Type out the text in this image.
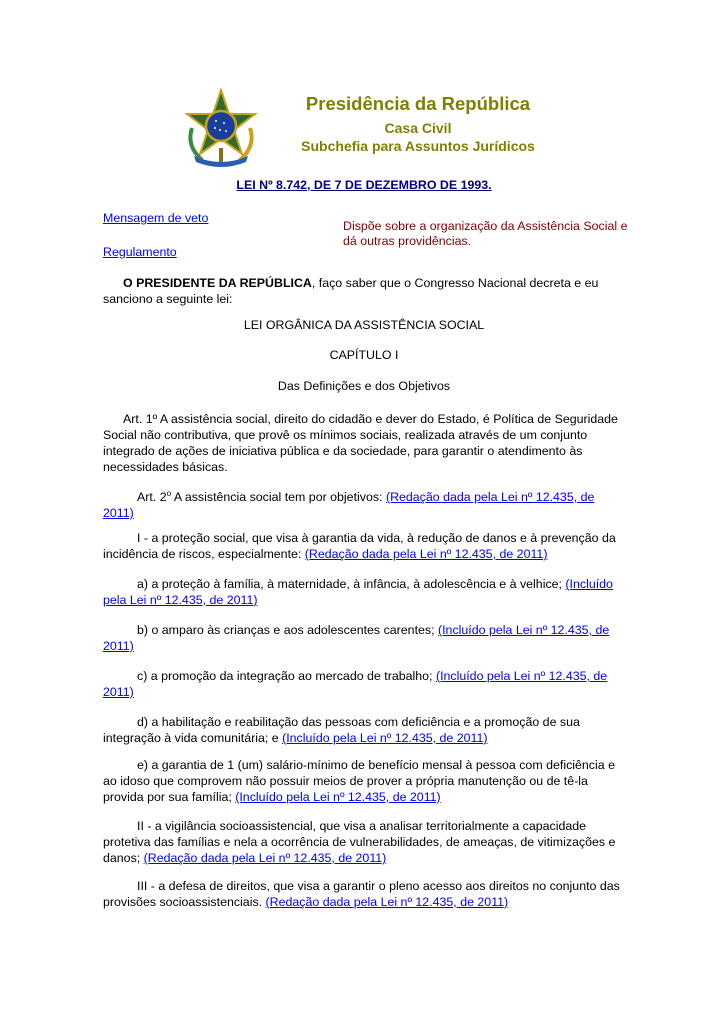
Presidência da República
Casa Civil
Subchefia para Assuntos Jurídicos
LEI Nº 8.742, DE 7 DE DEZEMBRO DE 1993.
Mensagem de veto
Regulamento
Dispõe sobre a organização da Assistência Social e dá outras providências.
O PRESIDENTE DA REPÚBLICA, faço saber que o Congresso Nacional decreta e eu sanciono a seguinte lei:
LEI ORGÂNICA DA ASSISTÊNCIA SOCIAL
CAPÍTULO I
Das Definições e dos Objetivos
Art. 1º A assistência social, direito do cidadão e dever do Estado, é Política de Seguridade Social não contributiva, que provê os mínimos sociais, realizada através de um conjunto integrado de ações de iniciativa pública e da sociedade, para garantir o atendimento às necessidades básicas.
Art. 2$^o$ A assistência social tem por objetivos: (Redação dada pela Lei nº 12.435, de 2011)
I - a proteção social, que visa à garantia da vida, à redução de danos e à prevenção da incidência de riscos, especialmente: (Redação dada pela Lei nº 12.435, de 2011)
a) a proteção à família, à maternidade, à infância, à adolescência e à velhice; (Incluído pela Lei nº 12.435, de 2011)
b) o amparo às crianças e aos adolescentes carentes; (Incluído pela Lei nº 12.435, de 2011)
c) a promoção da integração ao mercado de trabalho; (Incluído pela Lei nº 12.435, de 2011)
d) a habilitação e reabilitação das pessoas com deficiência e a promoção de sua integração à vida comunitária; e (Incluído pela Lei nº 12.435, de 2011)
e) a garantia de 1 (um) salário-mínimo de benefício mensal à pessoa com deficiência e ao idoso que comprovem não possuir meios de prover a própria manutenção ou de tê-la provida por sua família; (Incluído pela Lei nº 12.435, de 2011)
II - a vigilância socioassistencial, que visa a analisar territorialmente a capacidade protetiva das famílias e nela a ocorrência de vulnerabilidades, de ameaças, de vitimizações e danos; (Redação dada pela Lei nº 12.435, de 2011)
III - a defesa de direitos, que visa a garantir o pleno acesso aos direitos no conjunto das provisões socioassistenciais. (Redação dada pela Lei nº 12.435, de 2011)
